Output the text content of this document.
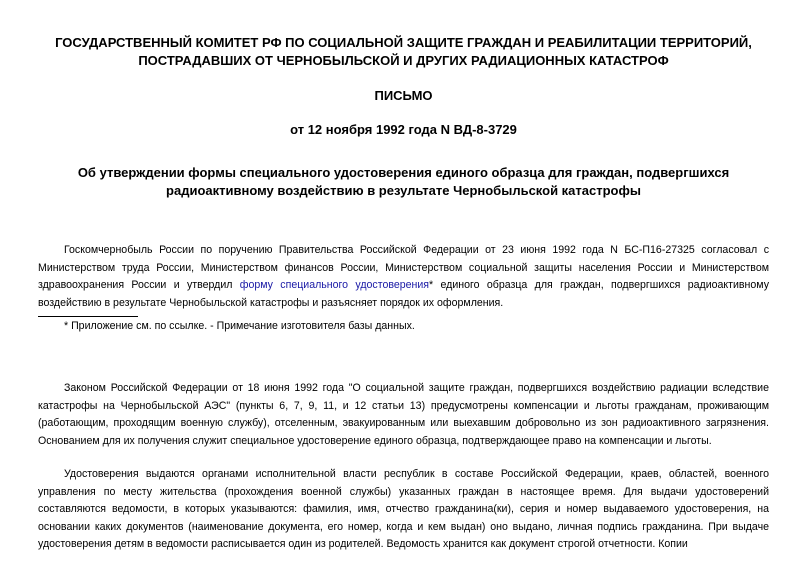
ГОСУДАРСТВЕННЫЙ КОМИТЕТ РФ ПО СОЦИАЛЬНОЙ ЗАЩИТЕ ГРАЖДАН И РЕАБИЛИТАЦИИ ТЕРРИТОРИЙ, ПОСТРАДАВШИХ ОТ ЧЕРНОБЫЛЬСКОЙ И ДРУГИХ РАДИАЦИОННЫХ КАТАСТРОФ
ПИСЬМО
от 12 ноября 1992 года N ВД-8-3729
Об утверждении формы специального удостоверения единого образца для граждан, подвергшихся радиоактивному воздействию в результате Чернобыльской катастрофы

Госкомчернобыль России по поручению Правительства Российской Федерации от 23 июня 1992 года N БС-П16-27325 согласовал с Министерством труда России, Министерством финансов России, Министерством социальной защиты населения России и Министерством здравоохранения России и утвердил форму специального удостоверения* единого образца для граждан, подвергшихся радиоактивному воздействию в результате Чернобыльской катастрофы и разъясняет порядок их оформления.

* Приложение см. по ссылке. - Примечание изготовителя базы данных.

Законом Российской Федерации от 18 июня 1992 года "О социальной защите граждан, подвергшихся воздействию радиации вследствие катастрофы на Чернобыльской АЭС" (пункты 6, 7, 9, 11, и 12 статьи 13) предусмотрены компенсации и льготы гражданам, проживающим (работающим, проходящим военную службу), отселенным, эвакуированным или выехавшим добровольно из зон радиоактивного загрязнения. Основанием для их получения служит специальное удостоверение единого образца, подтверждающее право на компенсации и льготы.

Удостоверения выдаются органами исполнительной власти республик в составе Российской Федерации, краев, областей, военного управления по месту жительства (прохождения военной службы) указанных граждан в настоящее время. Для выдачи удостоверений составляются ведомости, в которых указываются: фамилия, имя, отчество гражданина(ки), серия и номер выдаваемого удостоверения, на основании каких документов (наименование документа, его номер, когда и кем выдан) оно выдано, личная подпись гражданина. При выдаче удостоверения детям в ведомости расписывается один из родителей. Ведомость хранится как документ строгой отчетности. Копии
